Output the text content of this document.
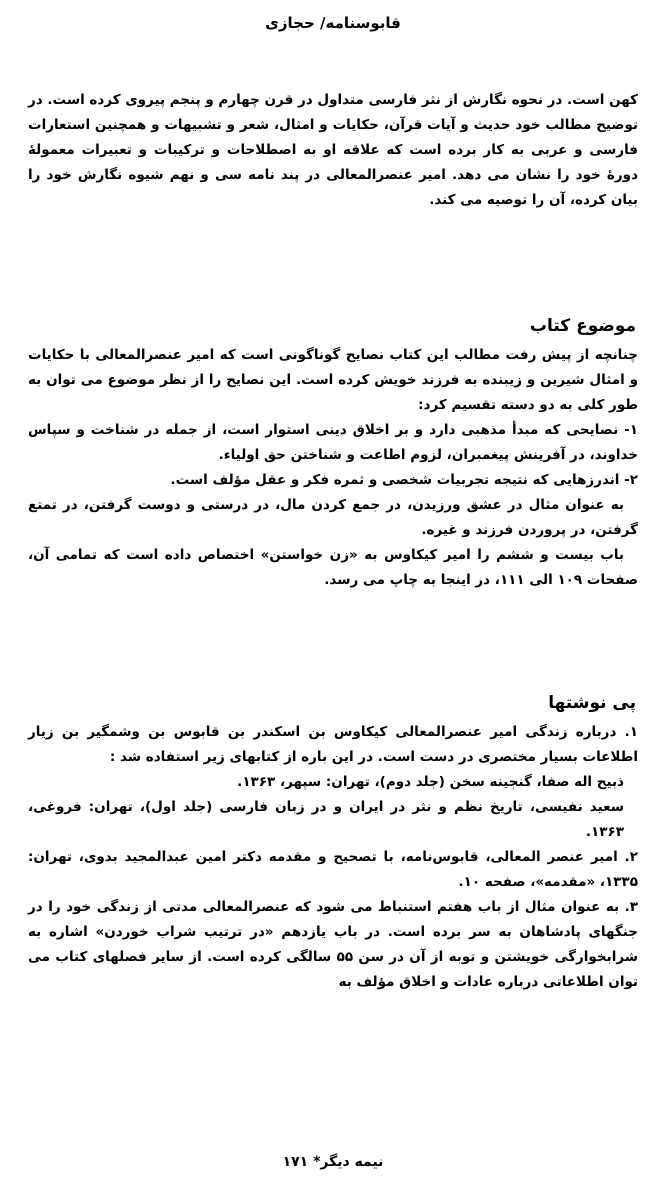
قابوسنامه/ حجازی

کهن است. در نحوه نگارش از نثر فارسی متداول در قرن چهارم و پنجم پیروی کرده است. در توضیح مطالب خود حدیث و آیات قرآن، حکایات و امثال، شعر و تشبیهات و همچنین استعارات فارسی و عربی به کار برده است که علاقه او به اصطلاحات و ترکیبات و تعبیرات معمولهٔ دورهٔ خود را نشان می دهد. امیر عنصرالمعالی در پند نامه سی و نهم شیوه نگارش خود را بیان کرده، آن را توصیه می کند.

موضوع کتاب

چنانچه از پیش رفت مطالب این کتاب نصایح گوناگونی است که امیر عنصرالمعالی با حکایات و امثال شیرین و زیبنده به فرزند خویش کرده است. این نصایح را از نظر موضوع می توان به طور کلی به دو دسته تقسیم کرد:

۱- نصایحی که مبدأ مذهبی دارد و بر اخلاق دینی استوار است، از جمله در شناخت و سپاس خداوند، در آفرینش پیغمبران، لزوم اطاعت و شناختن حق اولیاء.

۲- اندرزهایی که نتیجه تجربیات شخصی و ثمره فکر و عقل مؤلف است.

به عنوان مثال در عشق ورزیدن، در جمع کردن مال، در درستی و دوست گرفتن، در تمتع گرفتن، در پروردن فرزند و غیره.

باب بیست و ششم را امیر کیکاوس به «زن خواستن» اختصاص داده است که تمامی آن، صفحات ۱۰۹ الی ۱۱۱، در اینجا به چاپ می رسد.

پی نوشتها

۱. درباره زندگی امیر عنصرالمعالی کیکاوس بن اسکندر بن قابوس بن وشمگیر بن زیار اطلاعات بسیار مختصری در دست است. در این باره از کتابهای زیر استفاده شد :

ذبیح اله صفا، گنجینه سخن (جلد دوم)، تهران: سپهر، ۱۳۶۳.

سعید نفیسی، تاریخ نظم و نثر در ایران و در زبان فارسی (جلد اول)، تهران: فروغی، ۱۳۶۳.

۲. امیر عنصر المعالی، قابوس‌نامه، با تصحیح و مقدمه دکتر امین عبدالمجید بدوی، تهران: ۱۳۳۵، «مقدمه»، صفحه ۱۰.

۳. به عنوان مثال از باب هفتم استنباط می شود که عنصرالمعالی مدتی از زندگی خود را در جنگهای پادشاهان به سر برده است. در باب یازدهم «در ترتیب شراب خوردن» اشاره به شرابخوارگی خویشتن و توبه از آن در سن ۵۵ سالگی کرده است. از سایر فصلهای کتاب می توان اطلاعاتی درباره عادات و اخلاق مؤلف به

نیمه دیگر* ۱۷۱
